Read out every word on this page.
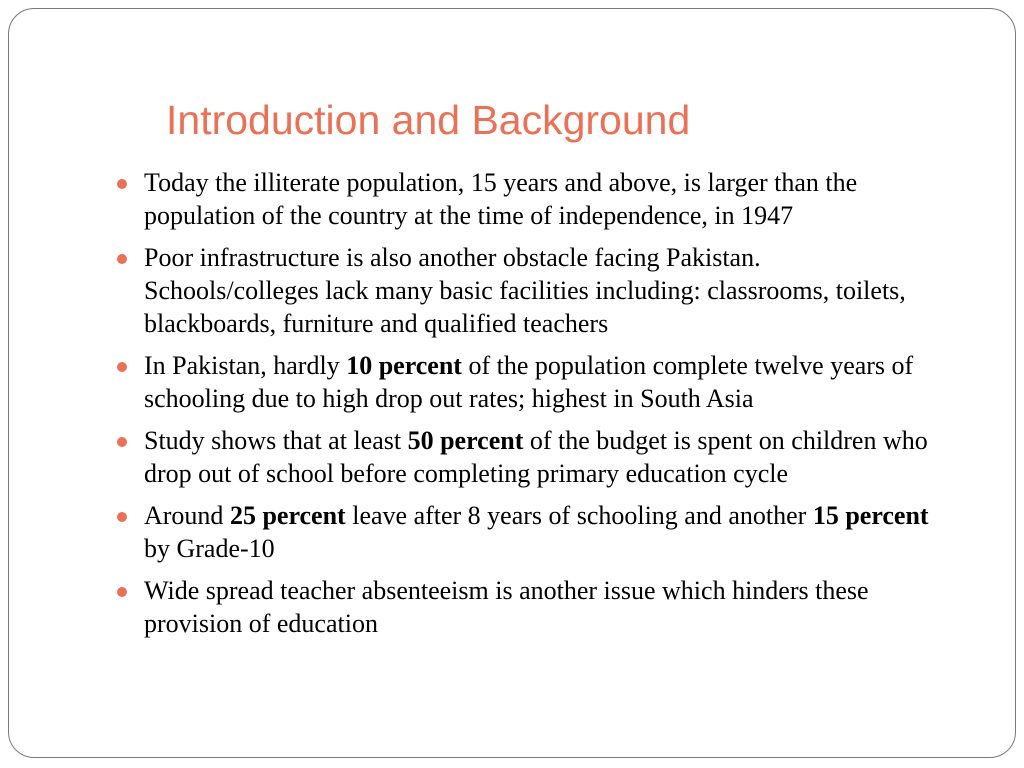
Introduction and Background
Today the illiterate population, 15 years and above, is larger than the population of the country at the time of independence, in 1947
Poor infrastructure is also another obstacle facing Pakistan. Schools/colleges lack many basic facilities including: classrooms, toilets, blackboards, furniture and qualified teachers
In Pakistan, hardly 10 percent of the population complete twelve years of schooling due to high drop out rates; highest in South Asia
Study shows that at least 50 percent of the budget is spent on children who drop out of school before completing primary education cycle
Around 25 percent leave after 8 years of schooling and another 15 percent by Grade-10
Wide spread teacher absenteeism is another issue which hinders these provision of education
